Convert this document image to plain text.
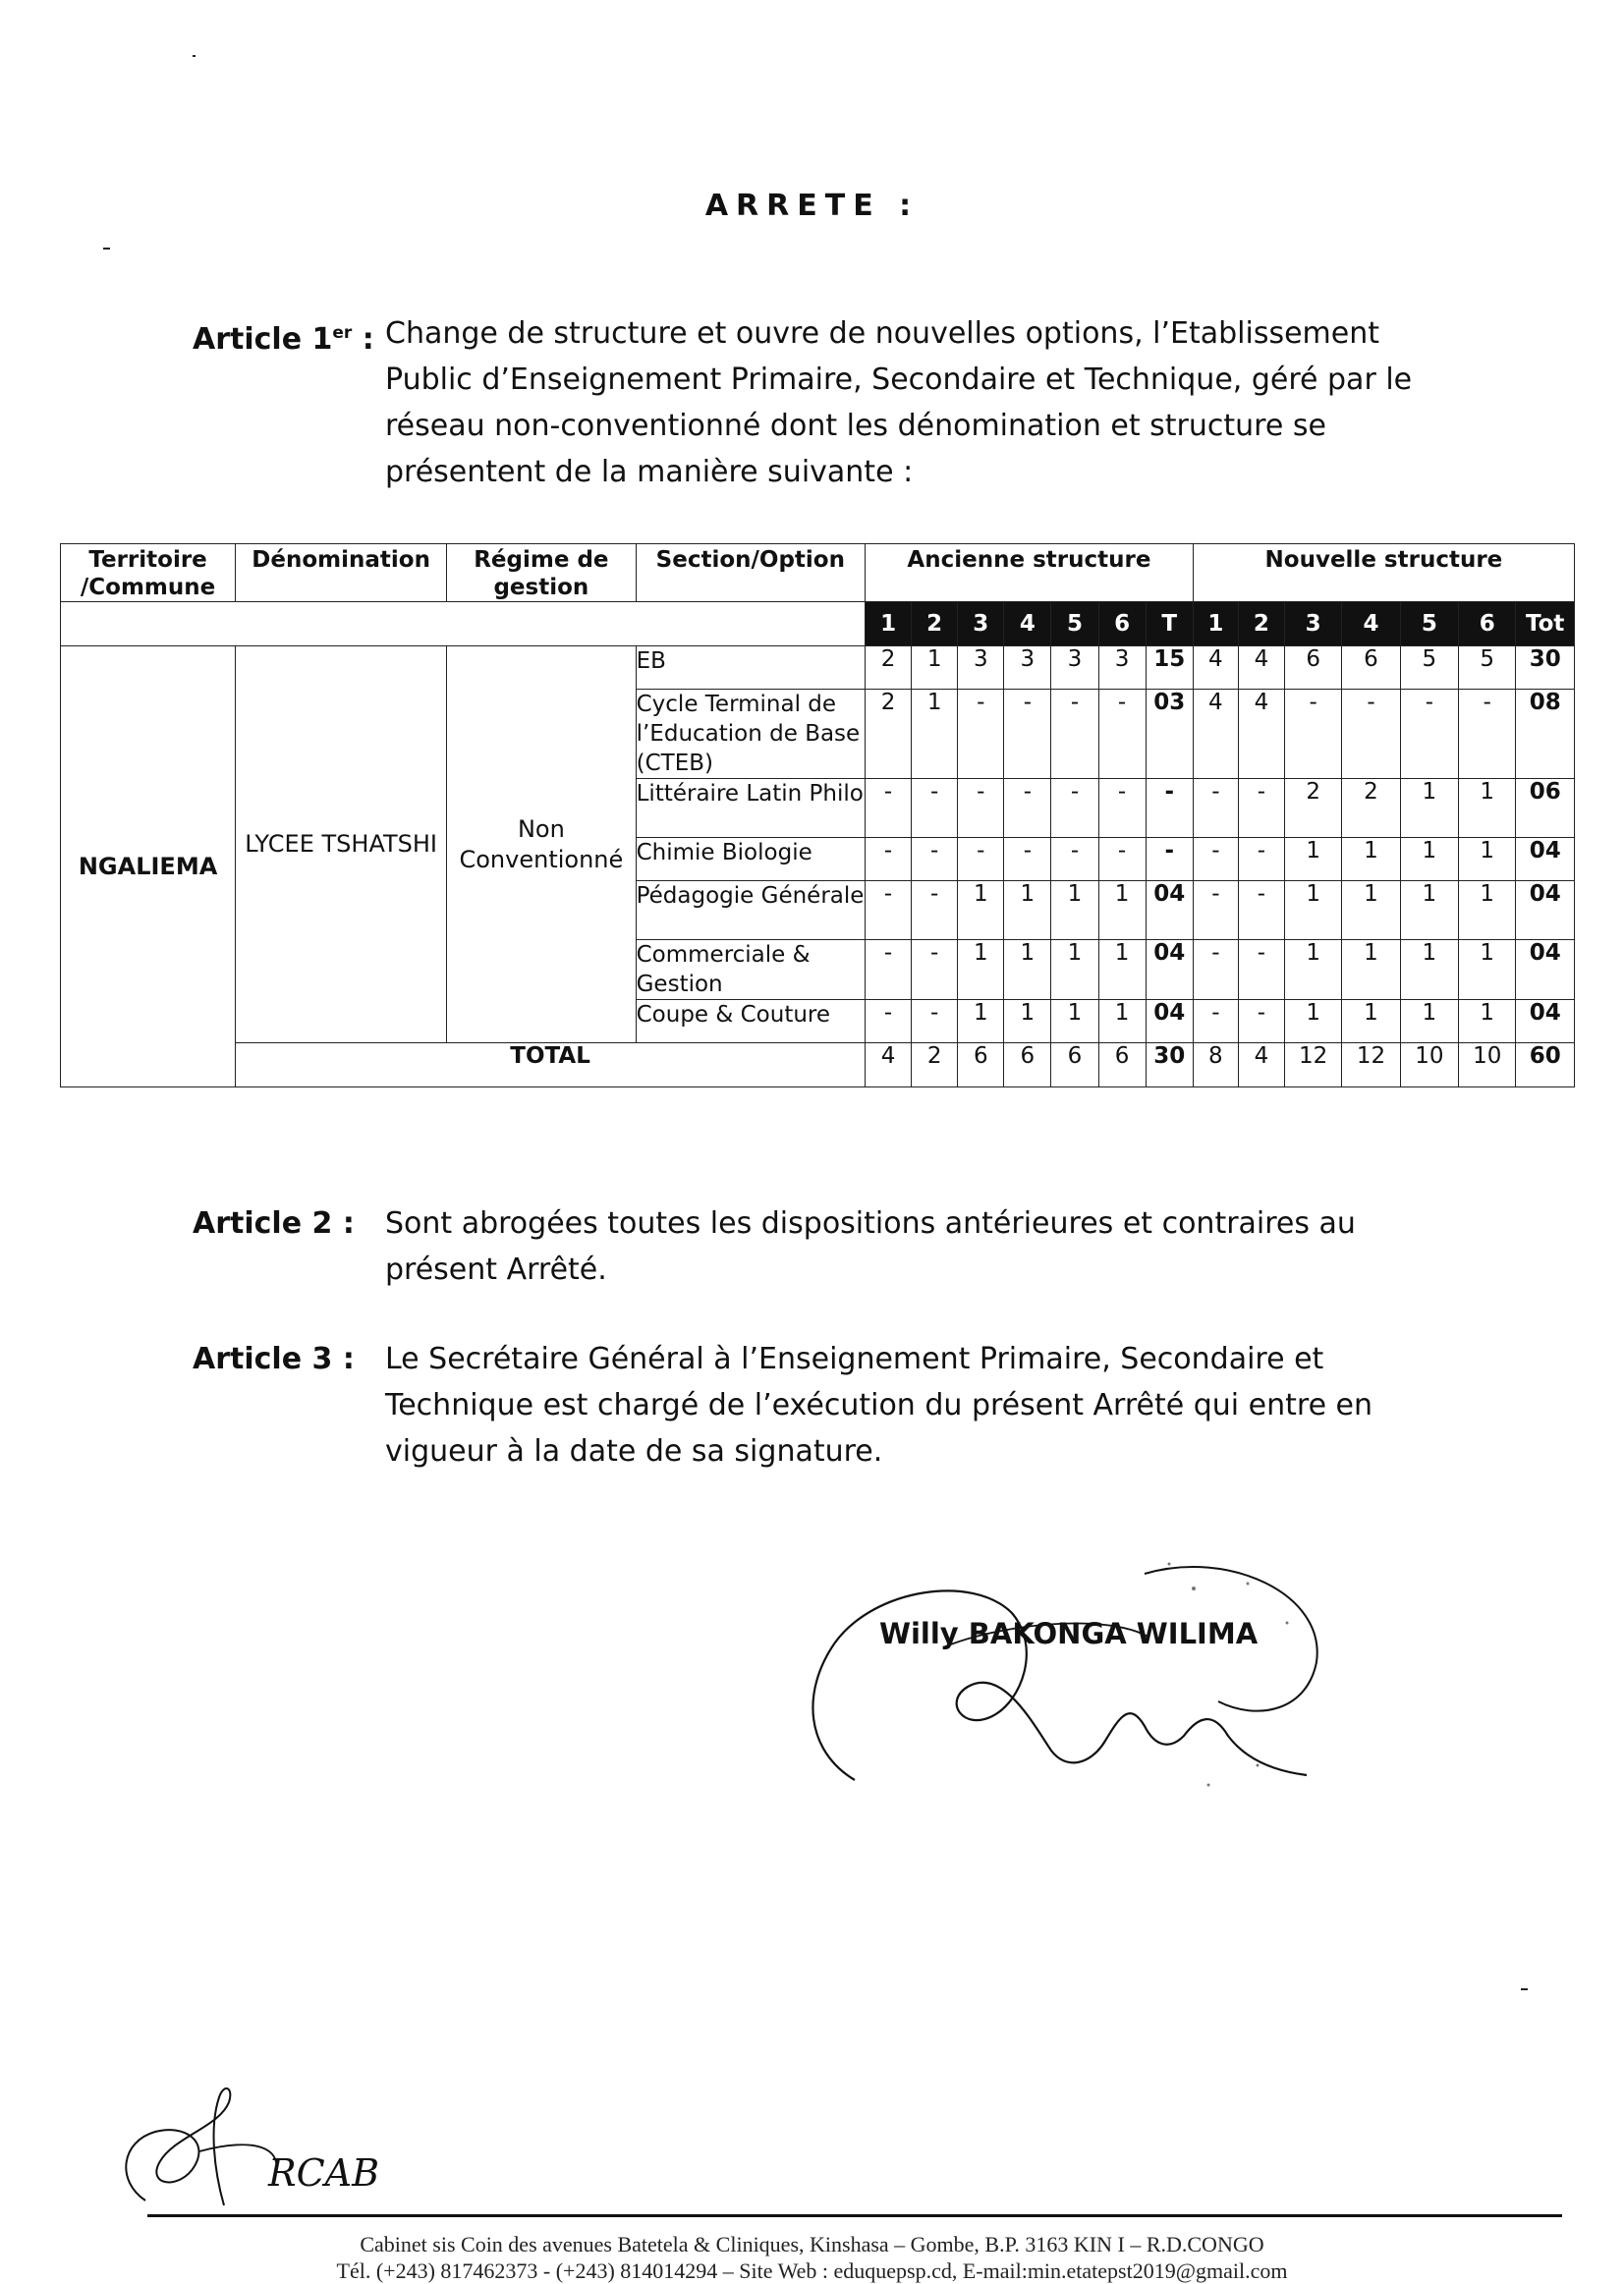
ARRETE :
Article 1er : Change de structure et ouvre de nouvelles options, l’Etablissement Public d’Enseignement Primaire, Secondaire et Technique, géré par le réseau non-conventionné dont les dénomination et structure se présentent de la manière suivante :
Territoire /Commune	Dénomination	Régime de gestion	Section/Option	Ancienne structure							Nouvelle structure						
				1	2	3	4	5	6	T	1	2	3	4	5	6	Tot
NGALIEMA	LYCEE TSHATSHI	Non Conventionné	EB	2	1	3	3	3	3	15	4	4	6	6	5	5	30
			Cycle Terminal de l’Education de Base (CTEB)	2	1	-	-	-	-	03	4	4	-	-	-	-	08
			Littéraire Latin Philo	-	-	-	-	-	-	-	-	-	2	2	1	1	06
			Chimie Biologie	-	-	-	-	-	-	-	-	-	1	1	1	1	04
			Pédagogie Générale	-	-	1	1	1	1	04	-	-	1	1	1	1	04
			Commerciale & Gestion	-	-	1	1	1	1	04	-	-	1	1	1	1	04
			Coupe & Couture	-	-	1	1	1	1	04	-	-	1	1	1	1	04
	TOTAL			4	2	6	6	6	6	30	8	4	12	12	10	10	60
Article 2 : Sont abrogées toutes les dispositions antérieures et contraires au présent Arrêté.
Article 3 : Le Secrétaire Général à l’Enseignement Primaire, Secondaire et Technique est chargé de l’exécution du présent Arrêté qui entre en vigueur à la date de sa signature.
Willy BAKONGA WILIMA
RCAB
Cabinet sis Coin des avenues Batetela & Cliniques, Kinshasa – Gombe, B.P. 3163 KIN I – R.D.CONGO
Tél. (+243) 817462373 - (+243) 814014294 – Site Web : eduquepsp.cd, E-mail:min.etatepst2019@gmail.com
